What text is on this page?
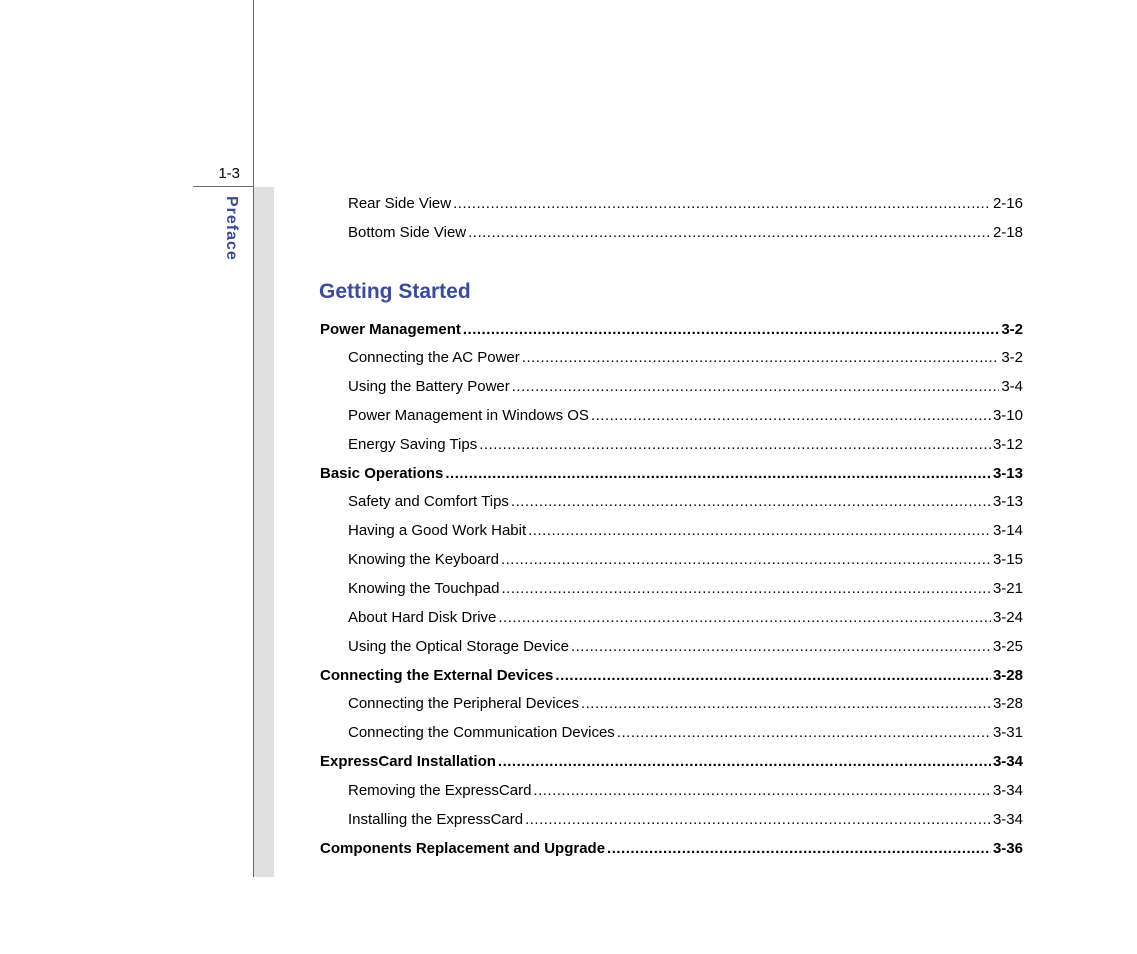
1-3
Preface	Rear Side View .....	2-16
Bottom Side View .....	2-18
Getting Started
Power Management .....	3-2
Connecting the AC Power .....	3-2
Using the Battery Power .....	3-4
Power Management in Windows OS .....	3-10
Energy Saving Tips .....	3-12
Basic Operations .....	3-13
Safety and Comfort Tips .....	3-13
Having a Good Work Habit .....	3-14
Knowing the Keyboard .....	3-15
Knowing the Touchpad .....	3-21
About Hard Disk Drive .....	3-24
Using the Optical Storage Device .....	3-25
Connecting the External Devices .....	3-28
Connecting the Peripheral Devices .....	3-28
Connecting the Communication Devices .....	3-31
ExpressCard Installation .....	3-34
Removing the ExpressCard .....	3-34
Installing the ExpressCard .....	3-34
Components Replacement and Upgrade .....	3-36
